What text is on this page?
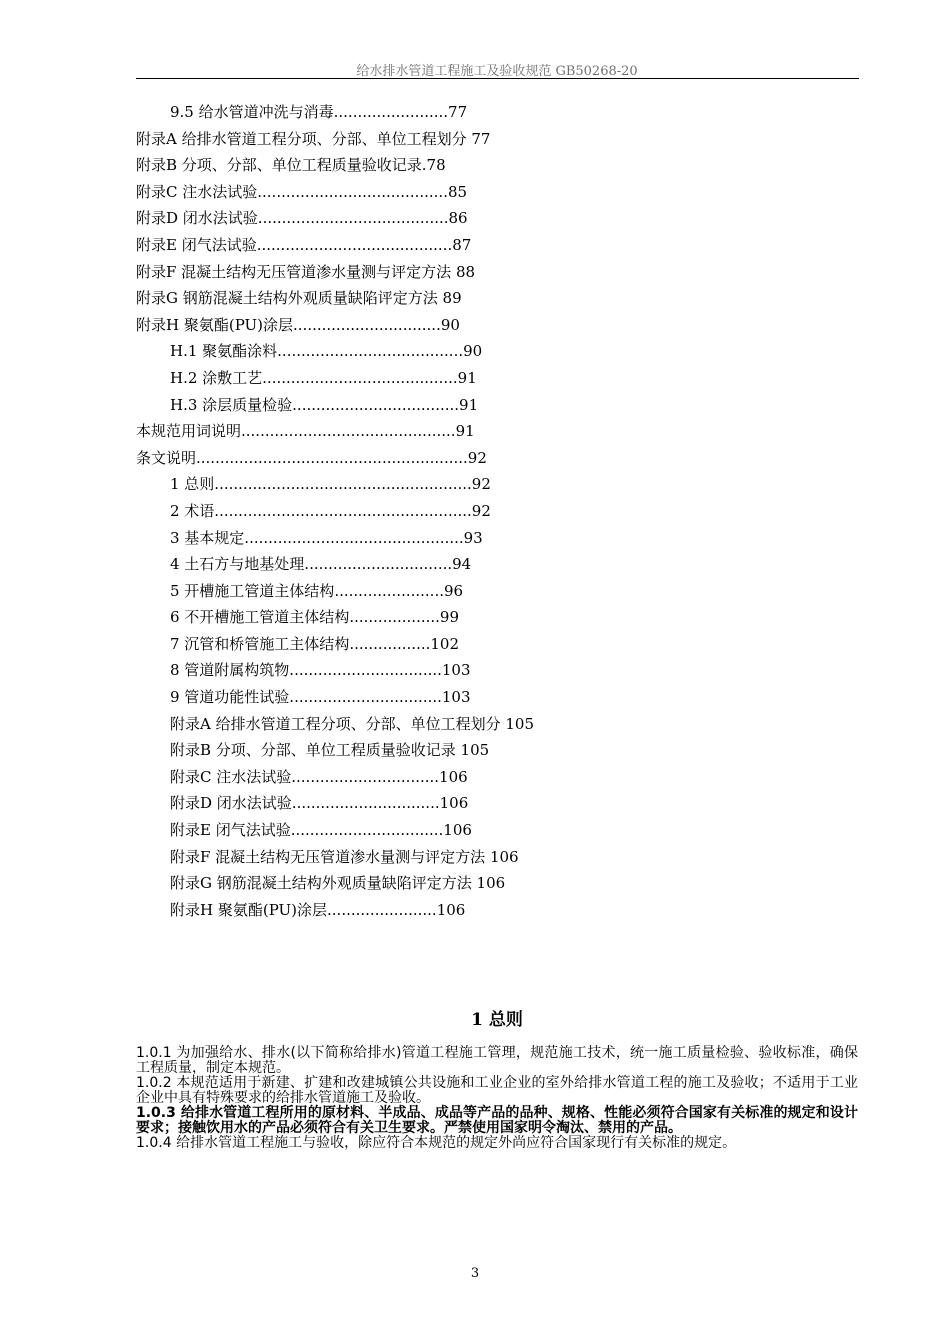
给水排水管道工程施工及验收规范 GB50268-20
9.5 给水管道冲洗与消毒........................77
附录A 给排水管道工程分项、分部、单位工程划分 77
附录B 分项、分部、单位工程质量验收记录.78
附录C 注水法试验........................................85
附录D 闭水法试验........................................86
附录E 闭气法试验.........................................87
附录F 混凝土结构无压管道渗水量测与评定方法 88
附录G 钢筋混凝土结构外观质量缺陷评定方法 89
附录H 聚氨酯(PU)涂层...............................90
H.1 聚氨酯涂料.......................................90
H.2 涂敷工艺.........................................91
H.3 涂层质量检验...................................91
本规范用词说明.............................................91
条文说明.........................................................92
1 总则......................................................92
2 术语......................................................92
3 基本规定..............................................93
4 土石方与地基处理...............................94
5 开槽施工管道主体结构.......................96
6 不开槽施工管道主体结构...................99
7 沉管和桥管施工主体结构.................102
8 管道附属构筑物................................103
9 管道功能性试验................................103
附录A 给排水管道工程分项、分部、单位工程划分 105
附录B 分项、分部、单位工程质量验收记录 105
附录C 注水法试验...............................106
附录D 闭水法试验...............................106
附录E 闭气法试验................................106
附录F 混凝土结构无压管道渗水量测与评定方法 106
附录G 钢筋混凝土结构外观质量缺陷评定方法 106
附录H 聚氨酯(PU)涂层.......................106
1 总则

1.0.1 为加强给水、排水(以下简称给排水)管道工程施工管理，规范施工技术，统一施工质量检验、验收标准，确保工程质量，制定本规范。

1.0.2 本规范适用于新建、扩建和改建城镇公共设施和工业企业的室外给排水管道工程的施工及验收；不适用于工业企业中具有特殊要求的给排水管道施工及验收。

1.0.3 给排水管道工程所用的原材料、半成品、成品等产品的品种、规格、性能必须符合国家有关标准的规定和设计要求；接触饮用水的产品必须符合有关卫生要求。严禁使用国家明令淘汰、禁用的产品。

1.0.4 给排水管道工程施工与验收，除应符合本规范的规定外尚应符合国家现行有关标准的规定。

3
